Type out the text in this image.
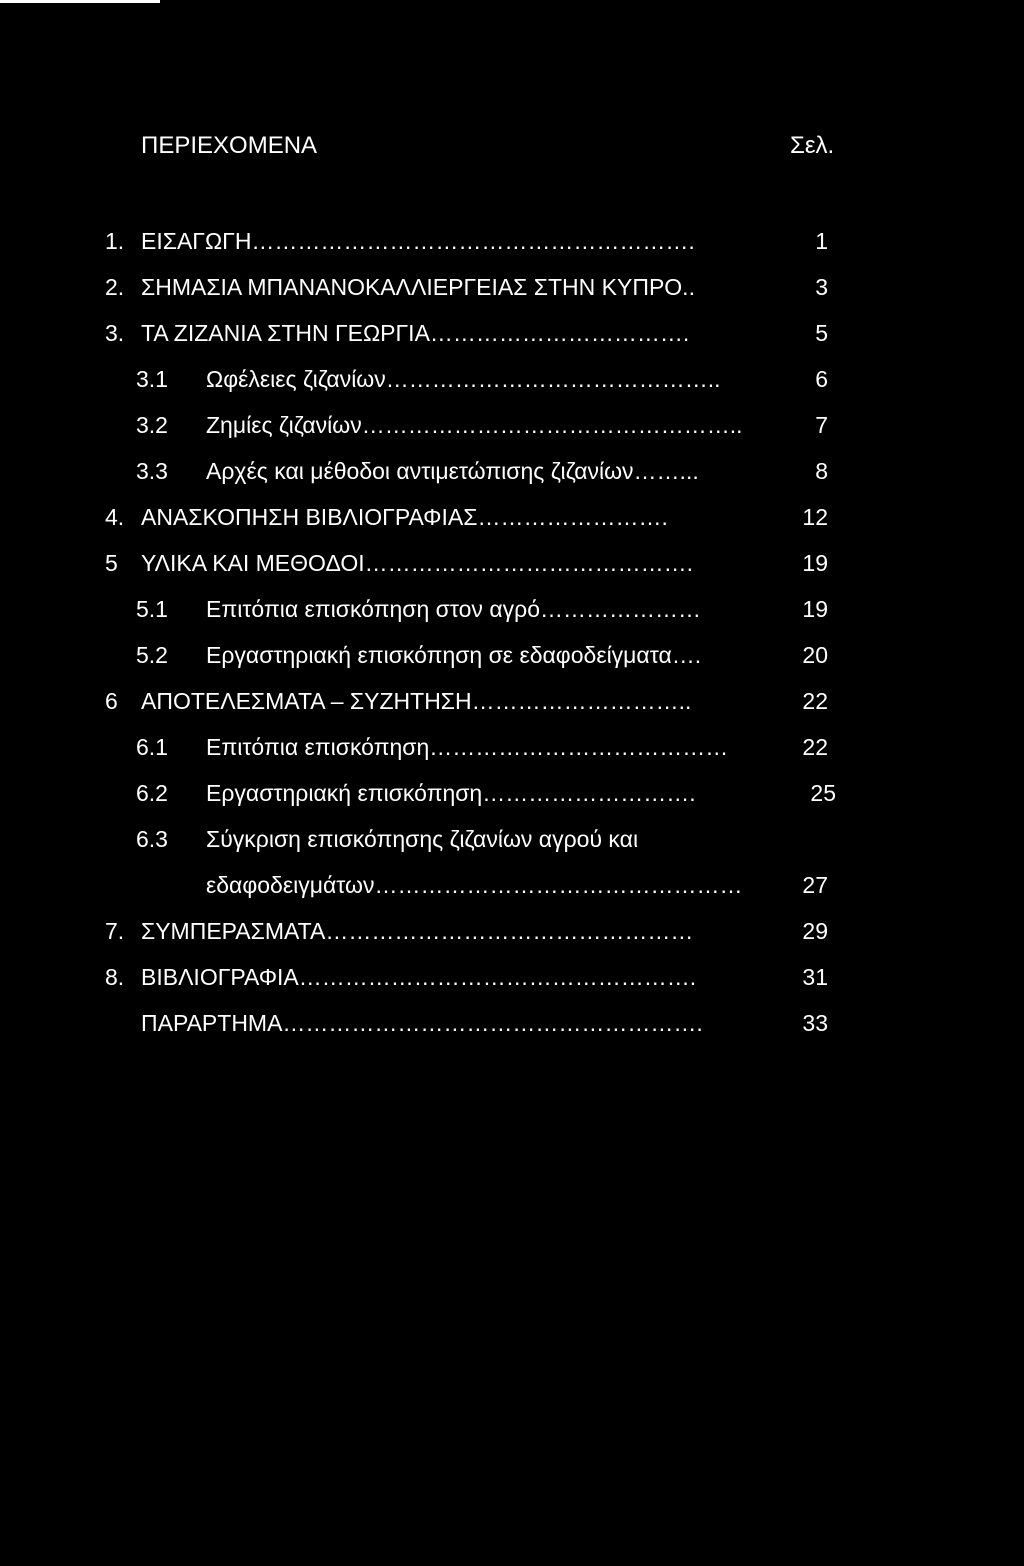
ΠΕΡΙΕΧΟΜΕΝΑ	Σελ.
1. ΕΙΣΑΓΩΓΗ………………………………………………….	1
2. ΣΗΜΑΣΙΑ ΜΠΑΝΑΝΟΚΑΛΛΙΕΡΓΕΙΑΣ ΣΤΗΝ ΚΥΠΡΟ..	3
3. ΤΑ ΖΙΖΑΝΙΑ ΣΤΗΝ ΓΕΩΡΓΙΑ…………………………….	5
3.1 Ωφέλειες ζιζανίων……………………………………..	6
3.2 Ζημίες ζιζανίων…………………………………………..	7
3.3 Αρχές και μέθοδοι αντιμετώπισης ζιζανίων……...	8
4. ΑΝΑΣΚΟΠΗΣΗ ΒΙΒΛΙΟΓΡΑΦΙΑΣ…………………….	12
5 ΥΛΙΚΑ ΚΑΙ ΜΕΘΟΔΟΙ…………………………………….	19
5.1 Επιτόπια επισκόπηση στον αγρό…………………	19
5.2 Εργαστηριακή επισκόπηση σε εδαφοδείγματα….	20
6 ΑΠΟΤΕΛΕΣΜΑΤΑ – ΣΥΖΗΤΗΣΗ………………………..	22
6.1 Επιτόπια επισκόπηση…………………………………	22
6.2 Εργαστηριακή επισκόπηση……………………….	25
6.3 Σύγκριση επισκόπησης ζιζανίων αγρού και
εδαφοδειγμάτων…………………………………………	27
7. ΣΥΜΠΕΡΑΣΜΑΤΑ…………………………………………	29
8. ΒΙΒΛΙΟΓΡΑΦΙΑ…………………………………………….	31
ΠΑΡΑΡΤΗΜΑ……………………………………………….	33
